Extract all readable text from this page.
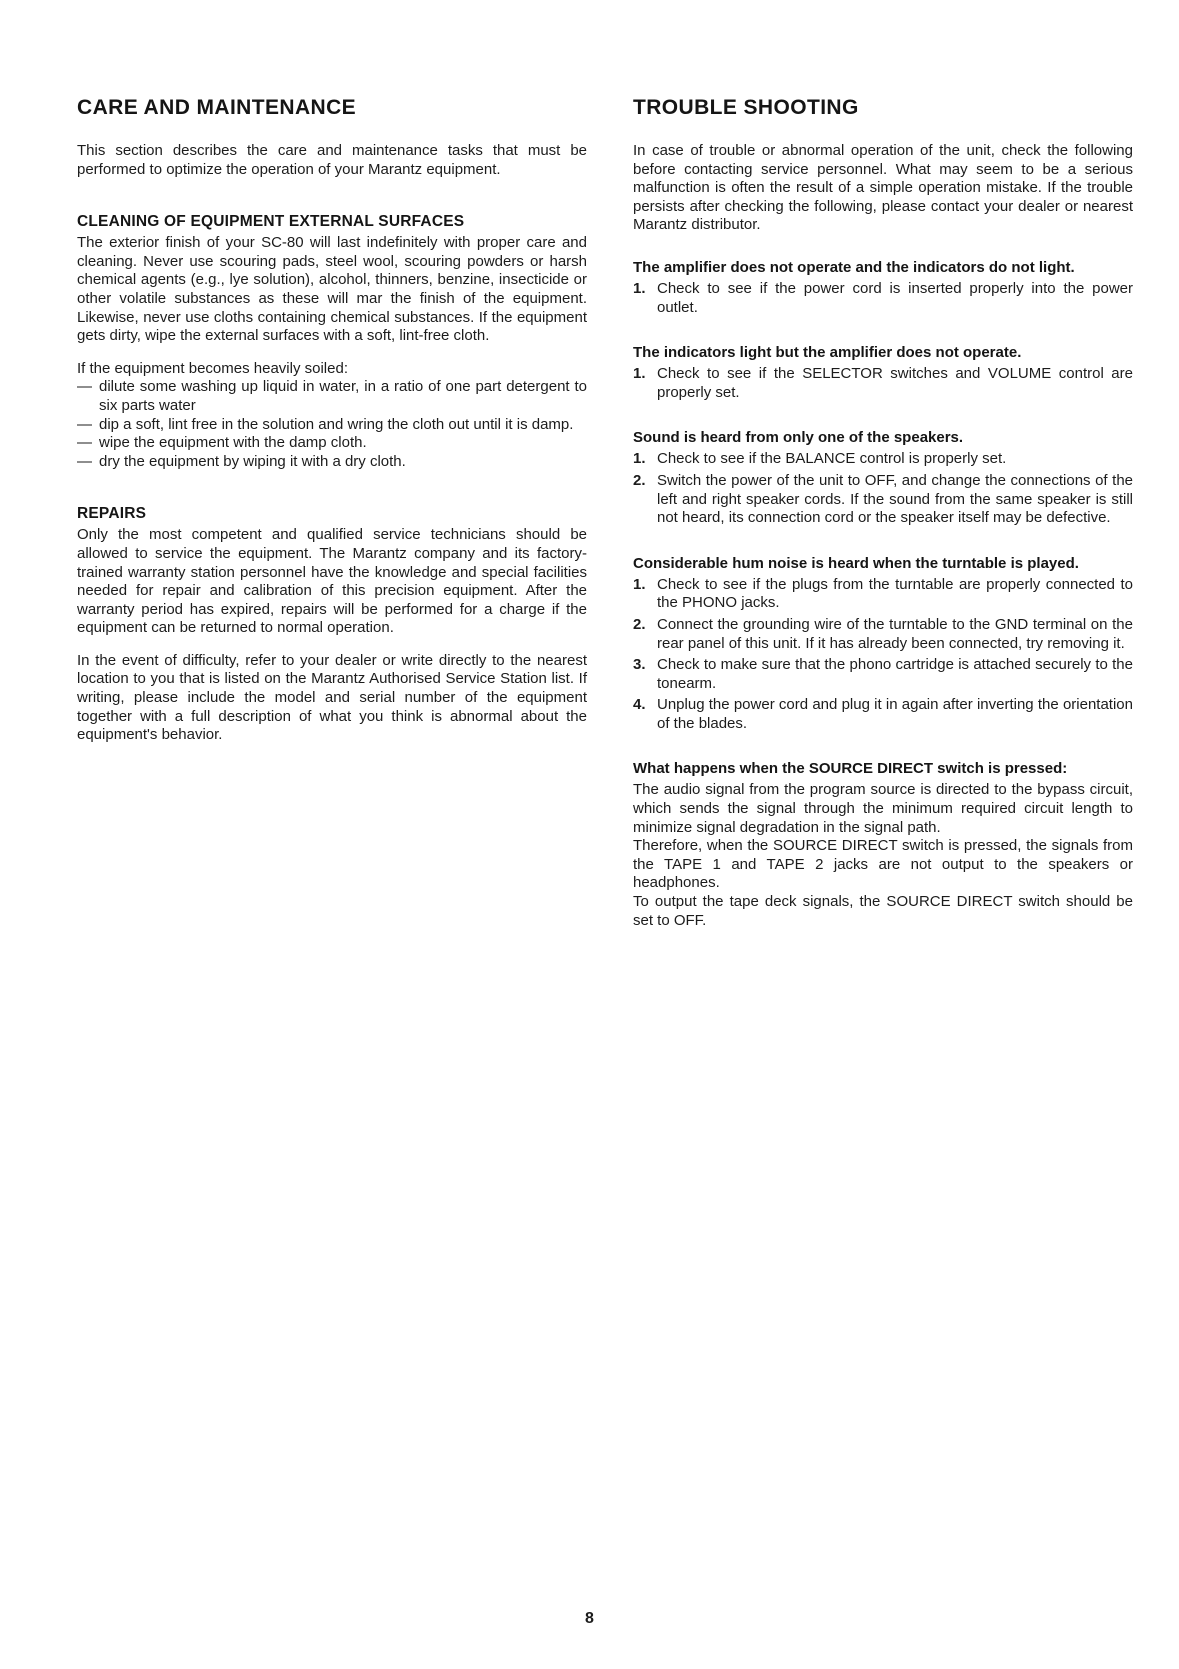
CARE AND MAINTENANCE

This section describes the care and maintenance tasks that must be performed to optimize the operation of your Marantz equipment.

CLEANING OF EQUIPMENT EXTERNAL SURFACES

The exterior finish of your SC-80 will last indefinitely with proper care and cleaning. Never use scouring pads, steel wool, scouring powders or harsh chemical agents (e.g., lye solution), alcohol, thinners, benzine, insecticide or other volatile substances as these will mar the finish of the equipment. Likewise, never use cloths containing chemical substances. If the equipment gets dirty, wipe the external surfaces with a soft, lint-free cloth.

If the equipment becomes heavily soiled:

— dilute some washing up liquid in water, in a ratio of one part detergent to six parts water
— dip a soft, lint free in the solution and wring the cloth out until it is damp.
— wipe the equipment with the damp cloth.
— dry the equipment by wiping it with a dry cloth.
REPAIRS

Only the most competent and qualified service technicians should be allowed to service the equipment. The Marantz company and its factory-trained warranty station personnel have the knowledge and special facilities needed for repair and calibration of this precision equipment. After the warranty period has expired, repairs will be performed for a charge if the equipment can be returned to normal operation.

In the event of difficulty, refer to your dealer or write directly to the nearest location to you that is listed on the Marantz Authorised Service Station list. If writing, please include the model and serial number of the equipment together with a full description of what you think is abnormal about the equipment's behavior.

TROUBLE SHOOTING

In case of trouble or abnormal operation of the unit, check the following before contacting service personnel. What may seem to be a serious malfunction is often the result of a simple operation mistake. If the trouble persists after checking the following, please contact your dealer or nearest Marantz distributor.

The amplifier does not operate and the indicators do not light.
1. Check to see if the power cord is inserted properly into the power outlet.
The indicators light but the amplifier does not operate.
1. Check to see if the SELECTOR switches and VOLUME control are properly set.
Sound is heard from only one of the speakers.
1. Check to see if the BALANCE control is properly set.
2. Switch the power of the unit to OFF, and change the connections of the left and right speaker cords. If the sound from the same speaker is still not heard, its connection cord or the speaker itself may be defective.
Considerable hum noise is heard when the turntable is played.
1. Check to see if the plugs from the turntable are properly connected to the PHONO jacks.
2. Connect the grounding wire of the turntable to the GND terminal on the rear panel of this unit. If it has already been connected, try removing it.
3. Check to make sure that the phono cartridge is attached securely to the tonearm.
4. Unplug the power cord and plug it in again after inverting the orientation of the blades.
What happens when the SOURCE DIRECT switch is pressed:

The audio signal from the program source is directed to the bypass circuit, which sends the signal through the minimum required circuit length to minimize signal degradation in the signal path.

Therefore, when the SOURCE DIRECT switch is pressed, the signals from the TAPE 1 and TAPE 2 jacks are not output to the speakers or headphones.

To output the tape deck signals, the SOURCE DIRECT switch should be set to OFF.

8
